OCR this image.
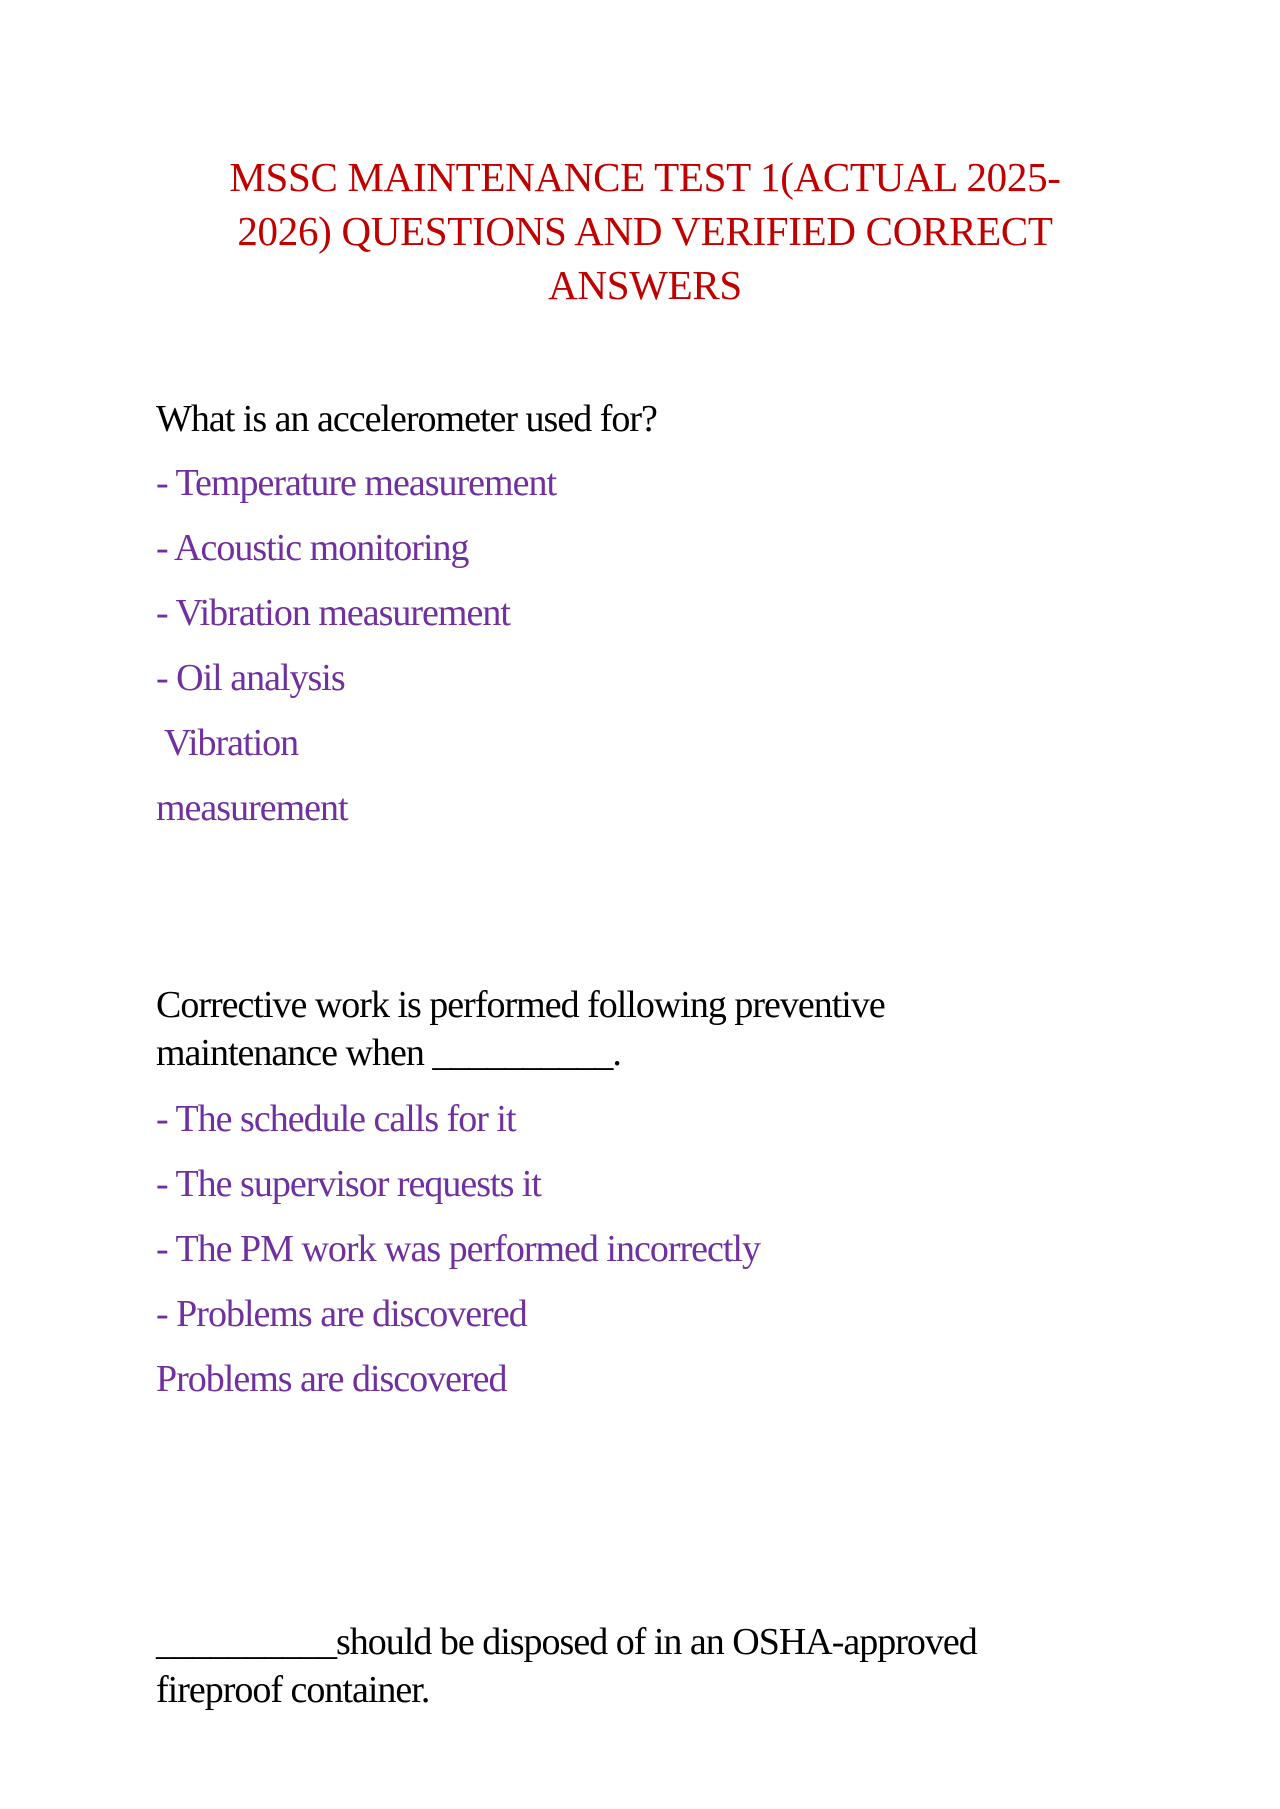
MSSC MAINTENANCE TEST 1(ACTUAL 2025-
2026) QUESTIONS AND VERIFIED CORRECT
ANSWERS
What is an accelerometer used for?
- Temperature measurement
- Acoustic monitoring
- Vibration measurement
- Oil analysis
Vibration
measurement
Corrective work is performed following preventive
maintenance when __________.
- The schedule calls for it
- The supervisor requests it
- The PM work was performed incorrectly
- Problems are discovered
Problems are discovered
__________should be disposed of in an OSHA-approved
fireproof container.
